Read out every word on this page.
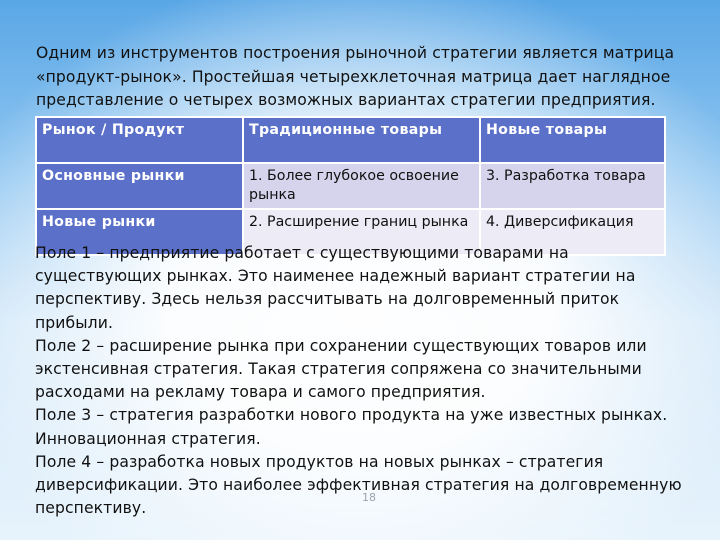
Одним из инструментов построения рыночной стратегии является матрица «продукт-рынок». Простейшая четырехклеточная матрица дает наглядное представление о четырех возможных вариантах стратегии предприятия.
Рынок / Продукт	Традиционные товары	Новые товары
Основные рынки	1. Более глубокое освоение рынка	3. Разработка товара
Новые рынки	2. Расширение границ рынка	4. Диверсификация

Поле 1 – предприятие работает с существующими товарами на существующих рынках. Это наименее надежный вариант стратегии на перспективу. Здесь нельзя рассчитывать на долговременный приток прибыли.

Поле 2 – расширение рынка при сохранении существующих товаров или экстенсивная стратегия. Такая стратегия сопряжена со значительными расходами на рекламу товара и самого предприятия.

Поле 3 – стратегия разработки нового продукта на уже известных рынках.

Инновационная стратегия.

Поле 4 – разработка новых продуктов на новых рынках – стратегия диверсификации. Это наиболее эффективная стратегия на долговременную перспективу.

18
